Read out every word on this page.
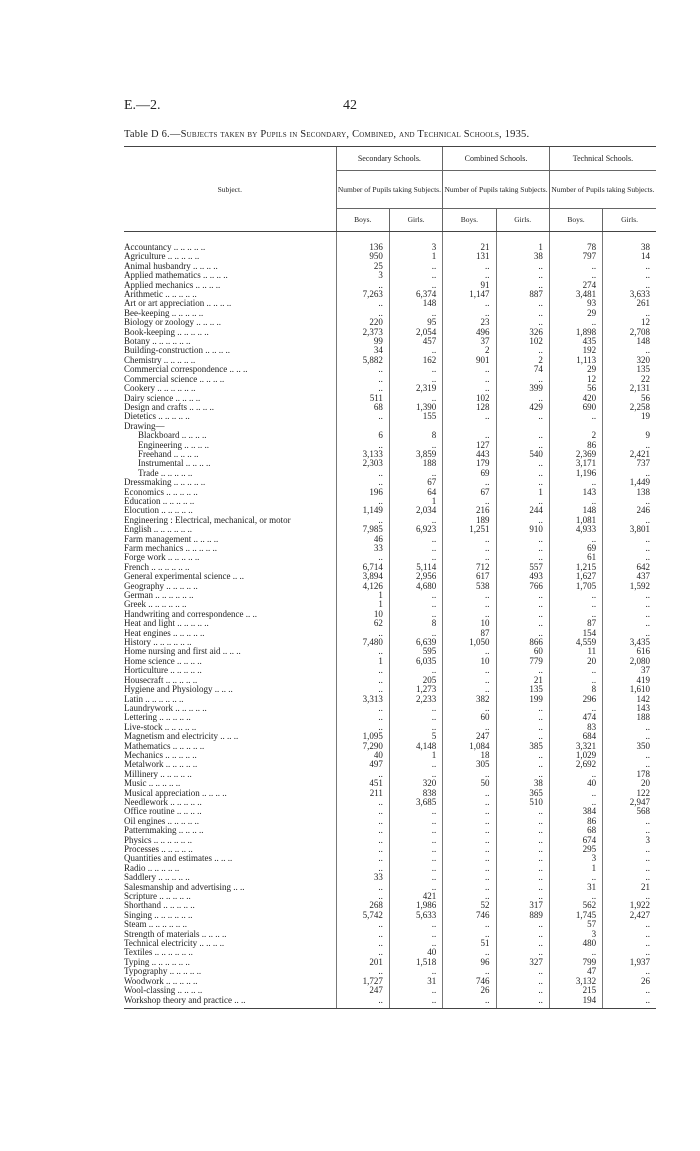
E.—2.	42
Table D 6.—Subjects taken by Pupils in Secondary, Combined, and Technical Schools, 1935.

	Secondary Schools.		Combined Schools.		Technical Schools.	
Subject.	Number of Pupils taking Subjects.		Number of Pupils taking Subjects.		Number of Pupils taking Subjects.	
	Boys.	Girls.	Boys.	Girls.	Boys.	Girls.

Accountancy .. .. .. .. ..	136	3	21	1	78	38
Agriculture .. .. .. .. ..	950	1	131	38	797	14
Animal husbandry .. .. .. ..	25	..	..	..	..	..
Applied mathematics .. .. .. ..	3	..	..	..	..	..
Applied mechanics .. .. .. ..	..	..	91	..	274	..
Arithmetic .. .. .. .. ..	7,263	6,374	1,147	887	3,481	3,633
Art or art appreciation .. .. .. ..	..	148	..	..	93	261
Bee-keeping .. .. .. .. ..	..	..	..	..	29	..
Biology or zoology .. .. .. ..	220	95	23	..	..	12
Book-keeping .. .. .. .. ..	2,373	2,054	496	326	1,898	2,708
Botany .. .. .. .. .. ..	99	457	37	102	435	148
Building-construction .. .. .. ..	34	..	2	..	192	..
Chemistry .. .. .. .. ..	5,882	162	901	2	1,113	320
Commercial correspondence .. .. ..	..	..	..	74	29	135
Commercial science .. .. .. ..	..	..	..	..	12	22
Cookery .. .. .. .. .. ..	..	2,319	..	399	56	2,131
Dairy science .. .. .. ..	511	..	102	..	420	56
Design and crafts .. .. .. ..	68	1,390	128	429	690	2,258
Dietetics .. .. .. .. ..	..	155	..	..	..	19
Drawing—						
Blackboard .. .. .. ..	6	8	..	..	2	9
Engineering .. .. .. ..	..	..	127	..	86	..
Freehand .. .. .. ..	3,133	3,859	443	540	2,369	2,421
Instrumental .. .. .. ..	2,303	188	179	..	3,171	737
Trade .. .. .. .. ..	..	..	69	..	1,196	..
Dressmaking .. .. .. .. ..	..	67	..	..	..	1,449
Economics .. .. .. .. ..	196	64	67	1	143	138
Education .. .. .. .. ..	..	1	..	..	..	..
Elocution .. .. .. .. ..	1,149	2,034	216	244	148	246
Engineering : Electrical, mechanical, or motor	..	..	189	..	1,081	..
English .. .. .. .. .. ..	7,985	6,923	1,251	910	4,933	3,801
Farm management .. .. .. ..	46	..	..	..	..	..
Farm mechanics .. .. .. .. ..	33	..	..	..	69	..
Forge work .. .. .. .. ..	..	..	..	..	61	..
French .. .. .. .. .. ..	6,714	5,114	712	557	1,215	642
General experimental science .. ..	3,894	2,956	617	493	1,627	437
Geography .. .. .. .. ..	4,126	4,680	538	766	1,705	1,592
German .. .. .. .. .. ..	1	..	..	..	..	..
Greek .. .. .. .. .. ..	1	..	..	..	..	..
Handwriting and correspondence .. ..	10	..	..	..	..	..
Heat and light .. .. .. .. ..	62	8	10	..	87	..
Heat engines .. .. .. .. ..	..	..	87	..	154	..
History .. .. .. .. .. ..	7,480	6,639	1,050	866	4,559	3,435
Home nursing and first aid .. .. ..	..	595	..	60	11	616
Home science .. .. .. ..	1	6,035	10	779	20	2,080
Horticulture .. .. .. .. ..	..	..	..	..	..	37
Housecraft .. .. .. .. ..	..	205	..	21	..	419
Hygiene and Physiology .. .. ..	..	1,273	..	135	8	1,610
Latin .. .. .. .. .. ..	3,313	2,233	382	199	296	142
Laundrywork .. .. .. .. ..	..	..	..	..	..	143
Lettering .. .. .. .. ..	..	..	60	..	474	188
Live-stock .. .. .. .. ..	..	..	..	..	83	..
Magnetism and electricity .. .. ..	1,095	5	247	..	684	..
Mathematics .. .. .. .. ..	7,290	4,148	1,084	385	3,321	350
Mechanics .. .. .. .. ..	40	1	18	..	1,029	..
Metalwork .. .. .. .. ..	497	..	305	..	2,692	..
Millinery .. .. .. .. ..	..	..	..	..	..	178
Music .. .. .. .. ..	451	320	50	38	40	20
Musical appreciation .. .. .. ..	211	838	..	365	..	122
Needlework .. .. .. .. ..	..	3,685	..	510	..	2,947
Office routine .. .. .. ..	..	..	..	..	384	568
Oil engines .. .. .. .. ..	..	..	..	..	86	..
Patternmaking .. .. .. ..	..	..	..	..	68	..
Physics .. .. .. .. .. ..	..	..	..	..	674	3
Processes .. .. .. .. ..	..	..	..	..	295	..
Quantities and estimates .. .. ..	..	..	..	..	3	..
Radio .. .. .. .. ..	..	..	..	..	1	..
Saddlery .. .. .. .. ..	33	..	..	..	..	..
Salesmanship and advertising .. ..	..	..	..	..	31	21
Scripture .. .. .. .. ..	..	421	..	..	..	..
Shorthand .. .. .. .. ..	268	1,986	52	317	562	1,922
Singing .. .. .. .. .. ..	5,742	5,633	746	889	1,745	2,427
Steam .. .. .. .. .. ..	..	..	..	..	57	..
Strength of materials .. .. .. ..	..	..	..	..	3	..
Technical electricity .. .. .. ..	..	..	51	..	480	..
Textiles .. .. .. .. .. ..	..	40	..	..	..	..
Typing .. .. .. .. .. ..	201	1,518	96	327	799	1,937
Typography .. .. .. .. ..	..	..	..	..	47	..
Woodwork .. .. .. .. ..	1,727	31	746	..	3,132	26
Wool-classing .. .. .. ..	247	..	26	..	215	..
Workshop theory and practice .. ..	..	..	..	..	194	..
